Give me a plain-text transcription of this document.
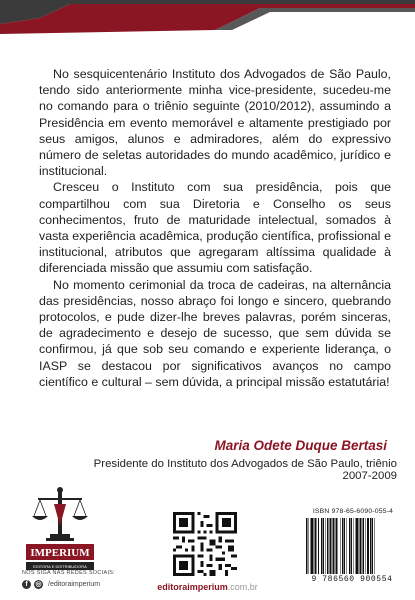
No sesquicentenário Instituto dos Advogados de São Paulo, tendo sido anteriormente minha vice-presidente, sucedeu-me no comando para o triênio seguinte (2010/2012), assumindo a Presidência em evento memorável e altamente prestigiado por seus amigos, alunos e admiradores, além do expressivo número de seletas autoridades do mundo acadêmico, jurídico e institucional.

Cresceu o Instituto com sua presidência, pois que compartilhou com sua Diretoria e Conselho os seus conhecimentos, fruto de maturidade intelectual, somados à vasta experiência acadêmica, produção científica, profissional e institucional, atributos que agregaram altíssima qualidade à diferenciada missão que assumiu com satisfação.

No momento cerimonial da troca de cadeiras, na alternância das presidências, nosso abraço foi longo e sincero, quebrando protocolos, e pude dizer-lhe breves palavras, porém sinceras, de agradecimento e desejo de sucesso, que sem dúvida se confirmou, já que sob seu comando e experiente liderança, o IASP se destacou por significativos avanços no campo científico e cultural – sem dúvida, a principal missão estatutária!

Maria Odete Duque Bertasi
Presidente do Instituto dos Advogados de São Paulo, triênio 2007-2009
IMPERIUM
EDITORA E DISTRIBUIDORA
NOS SIGA NAS REDES SOCIAIS:
f	◎ /editoraimperium
ISBN 978-65-6090-055-4
9 786560 900554
editoraimperium.com.br
